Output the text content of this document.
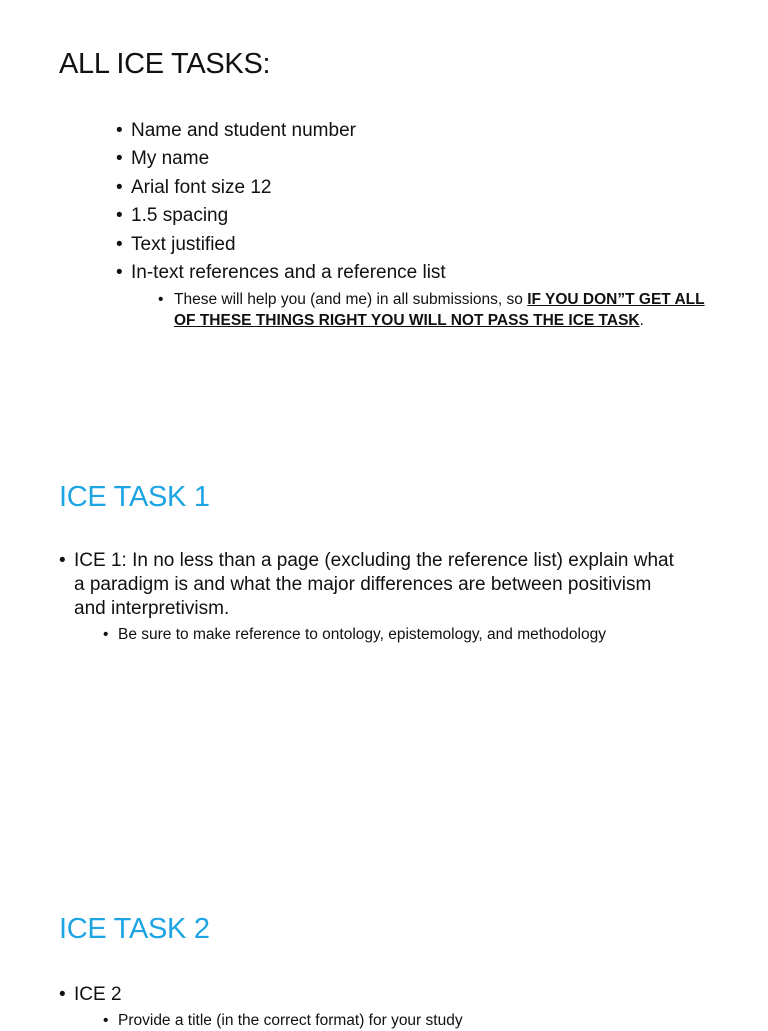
ALL ICE TASKS:
• Name and student number
• My name
• Arial font size 12
• 1.5 spacing
• Text justified
• In-text references and a reference list
• These will help you (and me) in all submissions, so IF YOU DON”T GET ALL OF THESE THINGS RIGHT YOU WILL NOT PASS THE ICE TASK.
ICE TASK 1
• ICE 1: In no less than a page (excluding the reference list) explain what a paradigm is and what the major differences are between positivism and interpretivism.
• Be sure to make reference to ontology, epistemology, and methodology
ICE TASK 2
• ICE 2
• Provide a title (in the correct format) for your study
